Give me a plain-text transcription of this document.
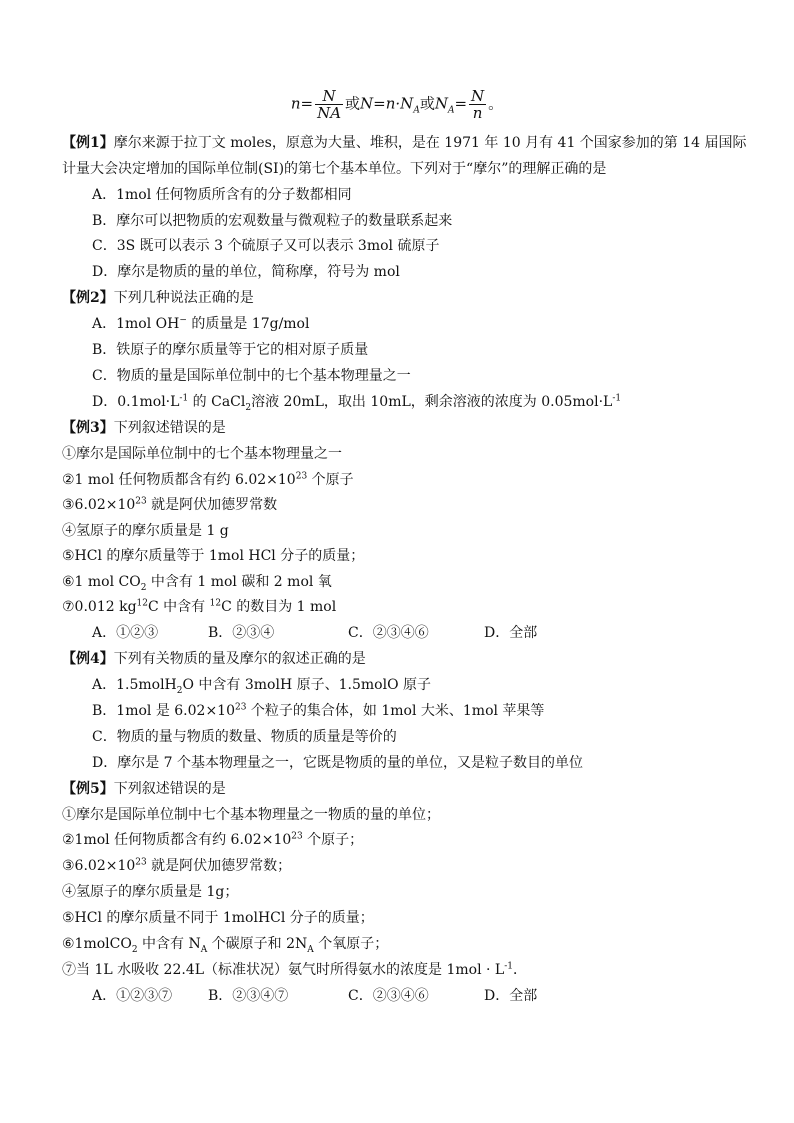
$n= \frac{N}{NA}$ 或$N=n\cdot N_A$或$N_A= \frac{N}{n}$ 。
【例1】摩尔来源于拉丁文 moles，原意为大量、堆积，是在 1971 年 10 月有 41 个国家参加的第 14 届国际
计量大会决定增加的国际单位制(SI)的第七个基本单位。下列对于“摩尔”的理解正确的是
A．1mol 任何物质所含有的分子数都相同
B．摩尔可以把物质的宏观数量与微观粒子的数量联系起来
C．3S 既可以表示 3 个硫原子又可以表示 3mol 硫原子
D．摩尔是物质的量的单位，简称摩，符号为 mol
【例2】下列几种说法正确的是
A．1mol OH− 的质量是 17g/mol
B．铁原子的摩尔质量等于它的相对原子质量
C．物质的量是国际单位制中的七个基本物理量之一
D．$0.1mol\cdot L^{-1}$ 的 CaCl$_2$溶液 20mL，取出 10mL，剩余溶液的浓度为 $0.05mol\cdot L^{-1}$
【例3】下列叙述错误的是
①摩尔是国际单位制中的七个基本物理量之一
②1 mol 任何物质都含有约 $6.02\times 10^{23}$ 个原子
$③6.02\times 10^{23}$ 就是阿伏加德罗常数
④氢原子的摩尔质量是 1 g
⑤HCl 的摩尔质量等于 1mol HCl 分子的质量；
⑥1 mol $CO_2$ 中含有 1 mol 碳和 2 mol 氧
⑦0.012 $kg^{12}C$ 中含有 $^{12}$C 的数目为 1 mol
A．①②③	B．②③④	C．②③④⑥	D．全部
【例4】下列有关物质的量及摩尔的叙述正确的是
A．1.5molH$_2$O 中含有 3molH 原子、1.5molO 原子
B．1mol 是 $6.02\times 10^{23}$ 个粒子的集合体，如 1mol 大米、1mol 苹果等
C．物质的量与物质的数量、物质的质量是等价的
D．摩尔是 7 个基本物理量之一，它既是物质的量的单位，又是粒子数目的单位
【例5】下列叙述错误的是
①摩尔是国际单位制中七个基本物理量之一物质的量的单位；
②1mol 任何物质都含有约 $6.02\times 10^{23}$ 个原子；
$③6.02\times 10^{23}$ 就是阿伏加德罗常数；
④氢原子的摩尔质量是 1g；
⑤HCl 的摩尔质量不同于 1molHCl 分子的质量；
⑥1molCO$_2$ 中含有 $N_A$ 个碳原子和 $2N_A$ 个氧原子；
⑦当 1L 水吸收 22.4L（标准状况）氨气时所得氨水的浓度是 $1mol \cdot L^{-1}$．
A．①②③⑦	B．②③④⑦	C．②③④⑥	D．全部
